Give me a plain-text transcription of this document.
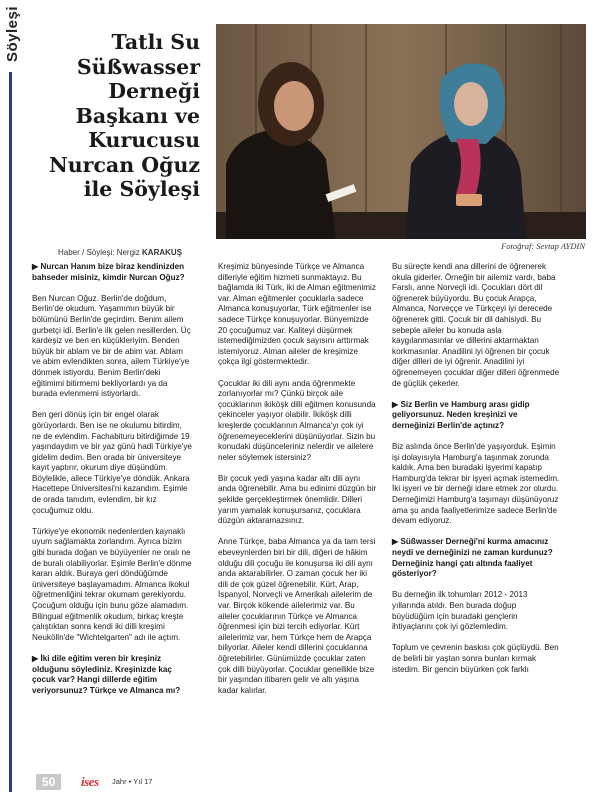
Söyleşi	Tatlı Su
Süßwasser
Derneği
Başkanı ve
Kurucusu
Nurcan Oğuz
ile Söyleşi
Fotoğraf: Sevtap AYDIN
Haber / Söyleşi: Nergiz KARAKUŞ

▶ Nurcan Hanım bize biraz kendinizden bahseder misiniz, kimdir Nurcan Oğuz?

Ben Nurcan Oğuz. Berlin'de doğdum, Berlin'de okudum. Yaşamımın büyük bir bölümünü Berlin'de geçirdim. Benim ailem gurbetçi idi. Berlin'e ilk gelen nesillerden. Üç kardeşiz ve ben en küçükleriyim. Benden büyük bir ablam ve bir de abim var. Ablam ve abim evlendikten sonra, ailem Türkiye'ye dönmek istiyordu. Benim Berlin'deki eğitimimi bitirmemi bekliyorlardı ya da burada evlenmemi istiyorlardı.

Ben geri dönüş için bir engel olarak görüyorlardı. Ben ise ne okulumu bitirdim, ne de evlendim. Fachabituru bitirdiğimde 19 yaşındaydım ve bir yaz günü hadi Türkiye'ye gidelim dedim. Ben orada bir üniversiteye kayıt yaptırır, okurum diye düşündüm. Böylelikle, ailece Türkiye'ye döndük. Ankara Hacettepe Üniversitesi'ni kazandım. Eşimle de orada tanıdım, evlendim, bir kız çocuğumuz oldu.

Türkiye'ye ekonomik nedenlerden kaynaklı uyum sağlamakta zorlandım. Ayrıca bizim gibi burada doğan ve büyüyenler ne oralı ne de buralı olabiliyorlar. Eşimle Berlin'e dönme kararı aldık. Buraya geri döndüğümde üniversiteye başlayamadım. Almanca ikokul öğretmenliğini tekrar okumam gerekiyordu. Çocuğum olduğu için bunu göze alamadım. Bilingual eğitmenlik okudum, birkaç kreşte çalıştıktan sonra kendi iki dilli kreşimi Neukölln'de "Wichtelgarten" adı ile açtım.

▶ İki dile eğitim veren bir kreşiniz olduğunu söylediniz. Kreşinizde kaç çocuk var? Hangi dillerde eğitim veriyorsunuz? Türkçe ve Almanca mı?

Kreşimiz bünyesinde Türkçe ve Almanca dilleriyle eğitim hizmeti sunmaktayız. Bu bağlamda iki Türk, iki de Alman eğitmenimiz var. Alman eğitmenler çocuklarla sadece Almanca konuşuyorlar, Türk eğitmenler ise sadece Türkçe konuşuyorlar. Bünyemizde 20 çocuğumuz var. Kaliteyi düşürmek istemediğimizden çocuk sayısını arttırmak istemiyoruz. Alman aileler de kreşimize çokça ilgi göstermektedir.

Çocuklar iki dili aynı anda öğrenmekte zorlanıyorlar mı? Çünkü birçok aile çocuklarının ikiköşk dilli eğitmen konusunda çekinceler yaşıyor olabilir. İkiköşk dilli kreşlerde çocuklarının Almanca'yı çok iyi öğrenemeyeceklerini düşünüyorlar. Sizin bu konudaki düşünceleriniz nelerdir ve ailelere neler söylemek istersiniz?

Bir çocuk yedi yaşına kadar altı dili aynı anda öğrenebilir. Ama bu edinimi düzgün bir şekilde gerçekleştirmek önemlidir. Dilleri yarım yamalak konuşursanız, çocuklara düzgün aktaramazsınız.

Anne Türkçe, baba Almanca ya da tam tersi ebeveynlerden biri bir dili, diğeri de hâkim olduğu dili çocuğu ile konuşursa iki dili aynı anda aktarabilirler. O zaman çocuk her iki dili de çok güzel öğrenebilir. Kürt, Arap, İspanyol, Norveçli ve Amerikalı ailelerim de var. Birçok kökende ailelerimiz var. Bu aileler çocuklarının Türkçe ve Almanca öğrenmesi için bizi tercih ediyorlar. Kürt ailelerimiz var, hem Türkçe hem de Arapça biliyorlar. Aileler kendi dillerini çocuklarına öğretebilirler. Günümüzde çocuklar zaten çok dilli büyüyorlar. Çocuklar genellikle bize bir yaşından itibaren gelir ve altı yaşına kadar kalırlar.

Bu süreçte kendi ana dillerini de öğrenerek okula giderler. Örneğin bir ailemiz vardı, baba Farslı, anne Norveçli idi. Çocukları dört dil öğrenerek büyüyordu. Bu çocuk Arapça, Almanca, Norveççe ve Türkçeyi iyi derecede öğrenerek gitti. Çocuk bir dil dahisiydi. Bu sebeple aileler bu konuda asla kaygılanmasınlar ve dillerini aktarmaktan korkmasınlar. Anadilini iyi öğrenen bir çocuk diğer dilleri de iyi öğrenir. Anadilini iyi öğrenemeyen çocuklar diğer dilleri öğrenmede de güçlük çekerler.

▶ Siz Berlin ve Hamburg arası gidip geliyorsunuz. Neden kreşinizi ve derneğinizi Berlin'de açtınız?

Biz aslında önce Berlin'de yaşıyorduk. Eşimin işi dolayısıyla Hamburg'a taşınmak zorunda kaldık. Ama ben buradaki işyerimi kapatıp Hamburg'da tekrar bir işyeri açmak istemedim. İki işyeri ve bir derneği idare etmek zor olurdu. Derneğimizi Hamburg'a taşımayı düşünüyoruz ama şu anda faaliyetlerimize sadece Berlin'de devam ediyoruz.

▶ Süßwasser Derneği'ni kurma amacınız neydi ve derneğinizi ne zaman kurdunuz? Derneğiniz hangi çatı altında faaliyet gösteriyor?

Bu derneğin ilk tohumları 2012 - 2013 yıllarında atıldı. Ben burada doğup büyüdüğüm için buradaki gençlerin ihtiyaçlarını çok iyi gözlemledim.

Toplum ve çevrenin baskısı çok güçlüydü. Ben de belirli bir yaştan sonra bunları kırmak istedim. Bir gencin büyürken çok farklı

50	ises Jahr • Yıl 17
